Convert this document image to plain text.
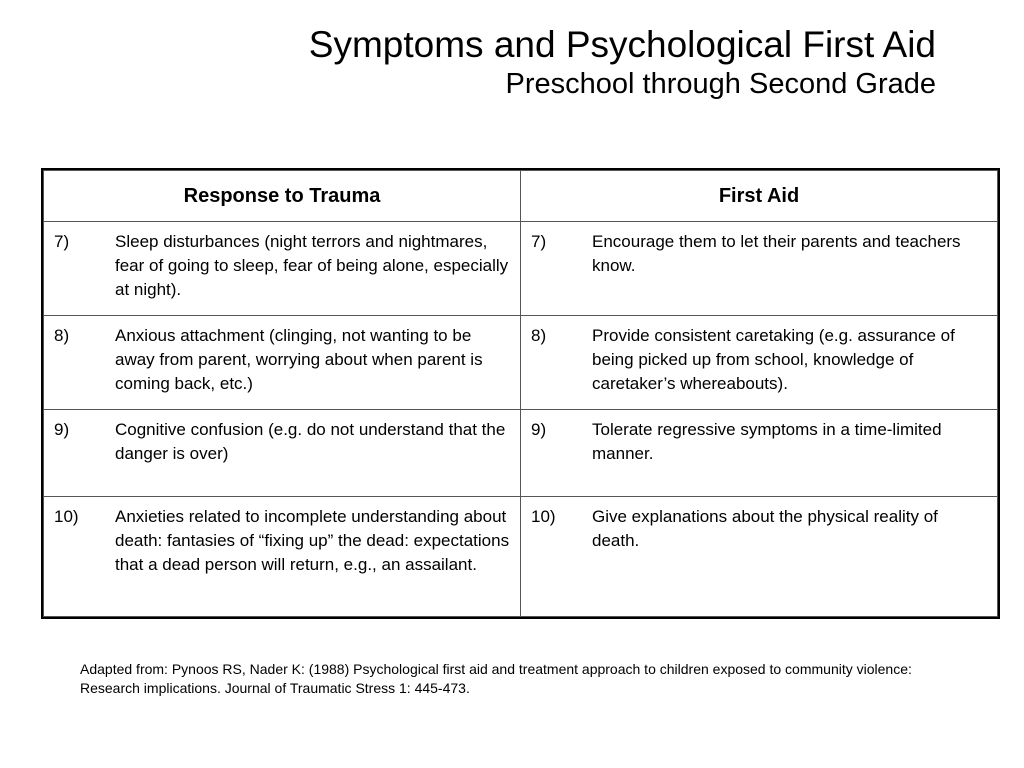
Symptoms and Psychological First Aid
Preschool through Second Grade
Response to Trauma	First Aid

7) Sleep disturbances (night terrors and nightmares, fear of going to sleep, fear of being alone, especially at night).	7) Encourage them to let their parents and teachers know.

8) Anxious attachment (clinging, not wanting to be away from parent, worrying about when parent is coming back, etc.)	8) Provide consistent caretaking (e.g. assurance of being picked up from school, knowledge of caretaker’s whereabouts).

9) Cognitive confusion (e.g. do not understand that the danger is over)	9) Tolerate regressive symptoms in a time-limited manner.

10) Anxieties related to incomplete understanding about death: fantasies of “fixing up” the dead: expectations that a dead person will return, e.g., an assailant.	10) Give explanations about the physical reality of death.
Adapted from: Pynoos RS, Nader K: (1988) Psychological first aid and treatment approach to children exposed to community violence: Research implications. Journal of Traumatic Stress 1: 445-473.
